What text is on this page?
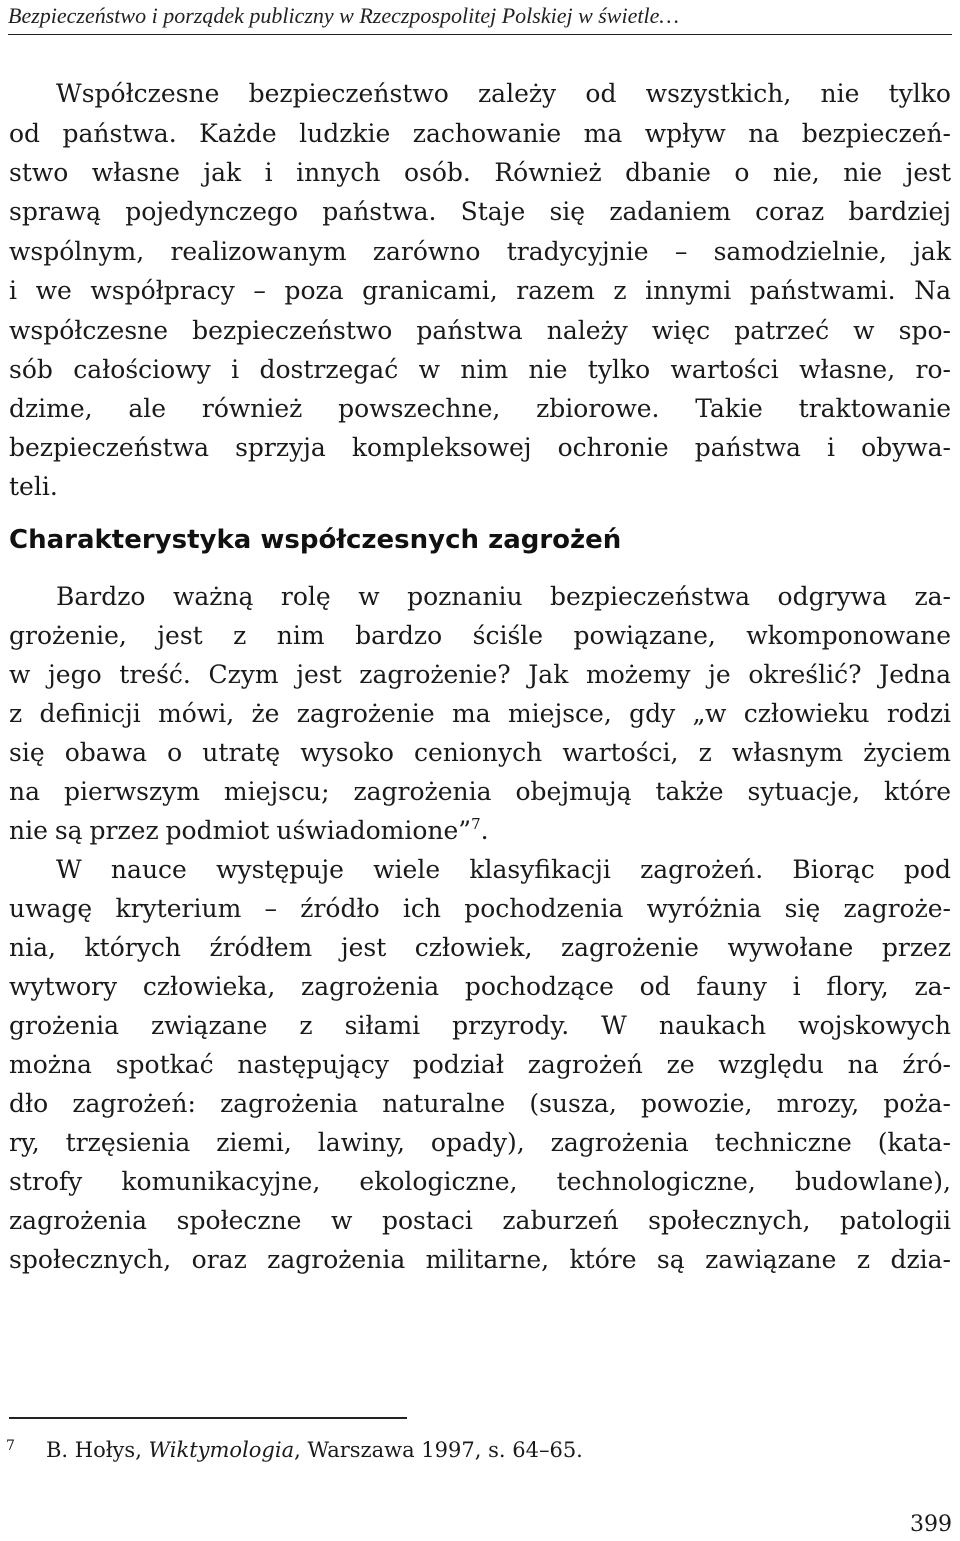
Bezpieczeństwo i porządek publiczny w Rzeczpospolitej Polskiej w świetle…
Współczesne bezpieczeństwo zależy od wszystkich, nie tylko
od państwa. Każde ludzkie zachowanie ma wpływ na bezpieczeń-
stwo własne jak i innych osób. Również dbanie o nie, nie jest
sprawą pojedynczego państwa. Staje się zadaniem coraz bardziej
wspólnym, realizowanym zarówno tradycyjnie – samodzielnie, jak
i we współpracy – poza granicami, razem z innymi państwami. Na
współczesne bezpieczeństwo państwa należy więc patrzeć w spo-
sób całościowy i dostrzegać w nim nie tylko wartości własne, ro-
dzime, ale również powszechne, zbiorowe. Takie traktowanie
bezpieczeństwa sprzyja kompleksowej ochronie państwa i obywa-
teli.
Charakterystyka współczesnych zagrożeń
Bardzo ważną rolę w poznaniu bezpieczeństwa odgrywa za-
grożenie, jest z nim bardzo ściśle powiązane, wkomponowane
w jego treść. Czym jest zagrożenie? Jak możemy je określić? Jedna
z definicji mówi, że zagrożenie ma miejsce, gdy „w człowieku rodzi
się obawa o utratę wysoko cenionych wartości, z własnym życiem
na pierwszym miejscu; zagrożenia obejmują także sytuacje, które
nie są przez podmiot uświadomione”$^7$.
W nauce występuje wiele klasyfikacji zagrożeń. Biorąc pod
uwagę kryterium – źródło ich pochodzenia wyróżnia się zagroże-
nia, których źródłem jest człowiek, zagrożenie wywołane przez
wytwory człowieka, zagrożenia pochodzące od fauny i flory, za-
grożenia związane z siłami przyrody. W naukach wojskowych
można spotkać następujący podział zagrożeń ze względu na źró-
dło zagrożeń: zagrożenia naturalne (susza, powozie, mrozy, poża-
ry, trzęsienia ziemi, lawiny, opady), zagrożenia techniczne (kata-
strofy komunikacyjne, ekologiczne, technologiczne, budowlane),
zagrożenia społeczne w postaci zaburzeń społecznych, patologii
społecznych, oraz zagrożenia militarne, które są zawiązane z dzia-
7 B. Hołys, Wiktymologia, Warszawa 1997, s. 64–65.
399
